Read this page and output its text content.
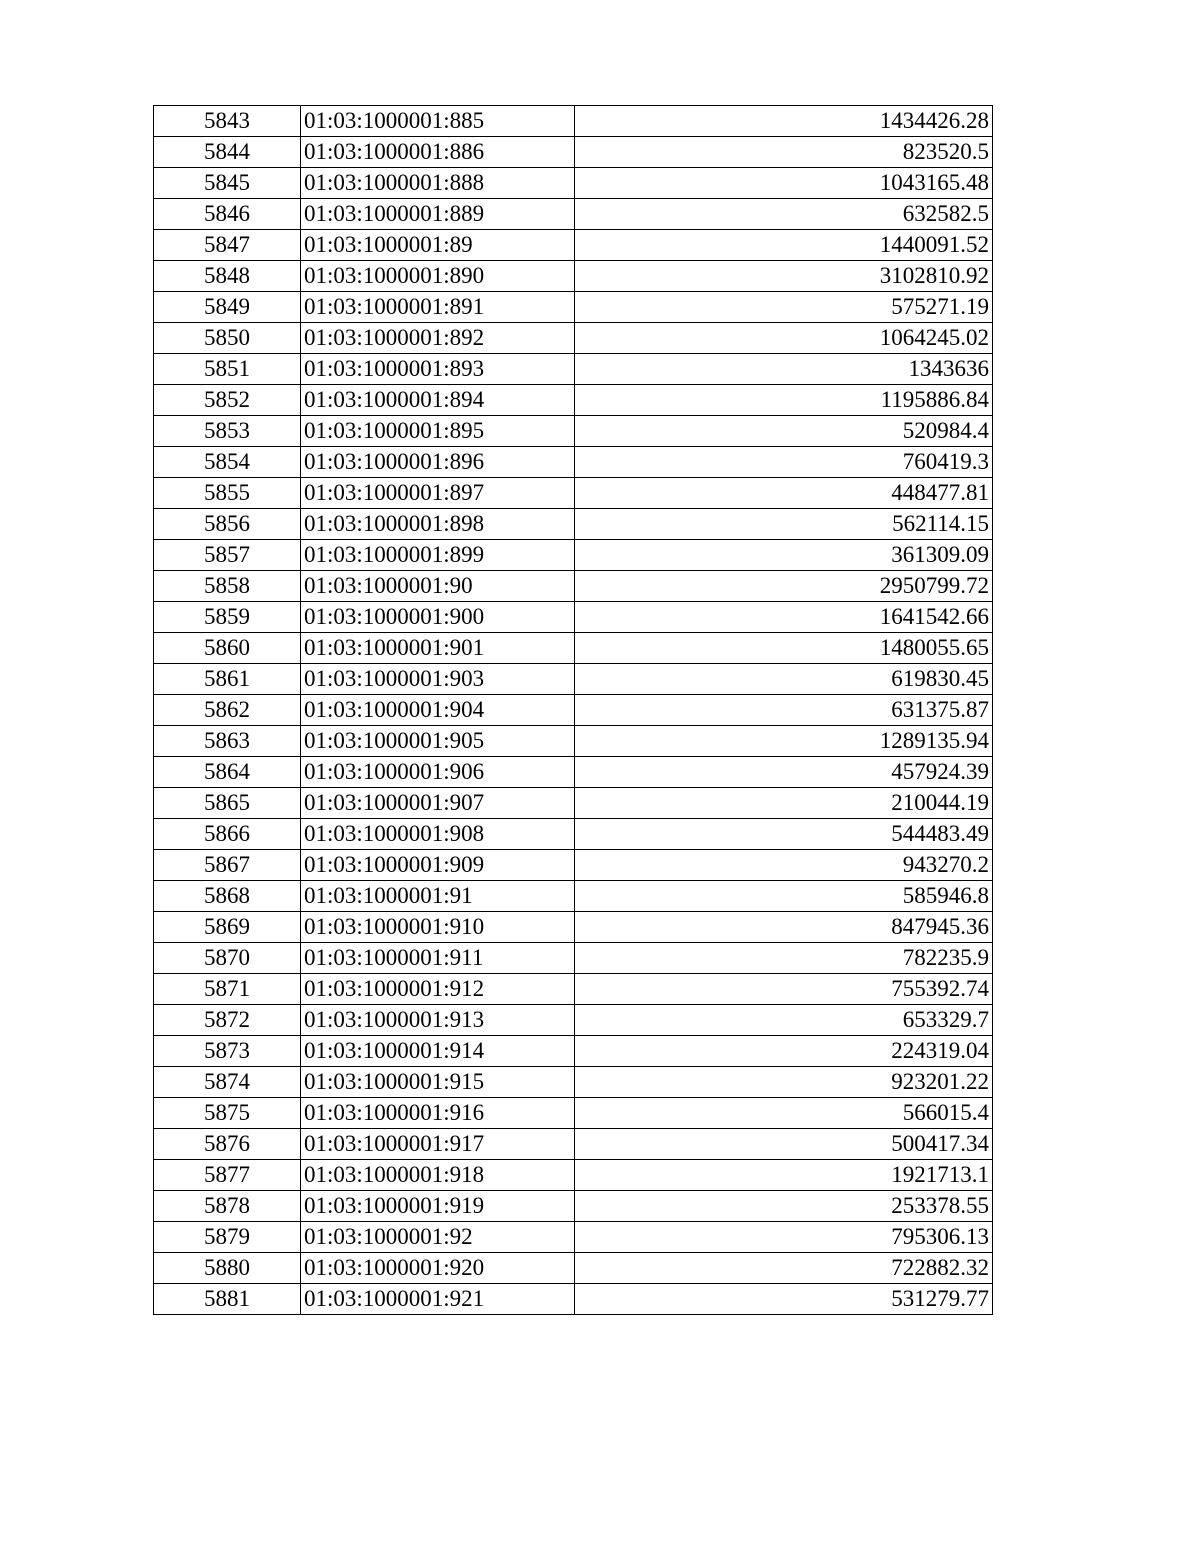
5843	01:03:1000001:885	1434426.28
5844	01:03:1000001:886	823520.5
5845	01:03:1000001:888	1043165.48
5846	01:03:1000001:889	632582.5
5847	01:03:1000001:89	1440091.52
5848	01:03:1000001:890	3102810.92
5849	01:03:1000001:891	575271.19
5850	01:03:1000001:892	1064245.02
5851	01:03:1000001:893	1343636
5852	01:03:1000001:894	1195886.84
5853	01:03:1000001:895	520984.4
5854	01:03:1000001:896	760419.3
5855	01:03:1000001:897	448477.81
5856	01:03:1000001:898	562114.15
5857	01:03:1000001:899	361309.09
5858	01:03:1000001:90	2950799.72
5859	01:03:1000001:900	1641542.66
5860	01:03:1000001:901	1480055.65
5861	01:03:1000001:903	619830.45
5862	01:03:1000001:904	631375.87
5863	01:03:1000001:905	1289135.94
5864	01:03:1000001:906	457924.39
5865	01:03:1000001:907	210044.19
5866	01:03:1000001:908	544483.49
5867	01:03:1000001:909	943270.2
5868	01:03:1000001:91	585946.8
5869	01:03:1000001:910	847945.36
5870	01:03:1000001:911	782235.9
5871	01:03:1000001:912	755392.74
5872	01:03:1000001:913	653329.7
5873	01:03:1000001:914	224319.04
5874	01:03:1000001:915	923201.22
5875	01:03:1000001:916	566015.4
5876	01:03:1000001:917	500417.34
5877	01:03:1000001:918	1921713.1
5878	01:03:1000001:919	253378.55
5879	01:03:1000001:92	795306.13
5880	01:03:1000001:920	722882.32
5881	01:03:1000001:921	531279.77
